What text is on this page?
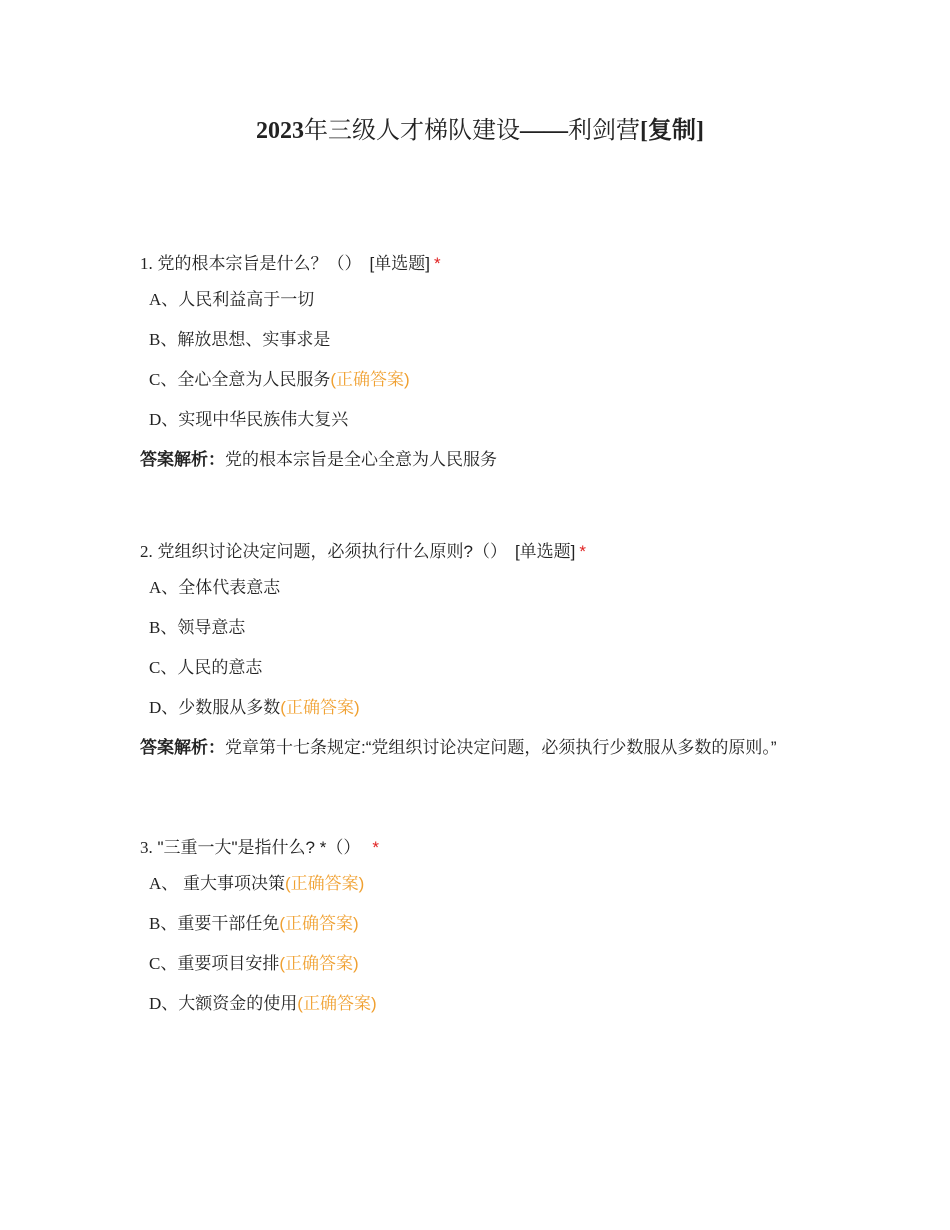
2023年三级人才梯队建设——利剑营[复制]
1. 党的根本宗旨是什么？（） [单选题] *
A、人民利益高于一切
B、解放思想、实事求是
C、全心全意为人民服务(正确答案)
D、实现中华民族伟大复兴
答案解析：党的根本宗旨是全心全意为人民服务
2. 党组织讨论决定问题，必须执行什么原则?（） [单选题] *
A、全体代表意志
B、领导意志
C、人民的意志
D、少数服从多数(正确答案)
答案解析：党章第十七条规定:“党组织讨论决定问题，必须执行少数服从多数的原则。”
3. "三重一大"是指什么? *（） *
A、 重大事项决策(正确答案)
B、重要干部任免(正确答案)
C、重要项目安排(正确答案)
D、大额资金的使用(正确答案)
